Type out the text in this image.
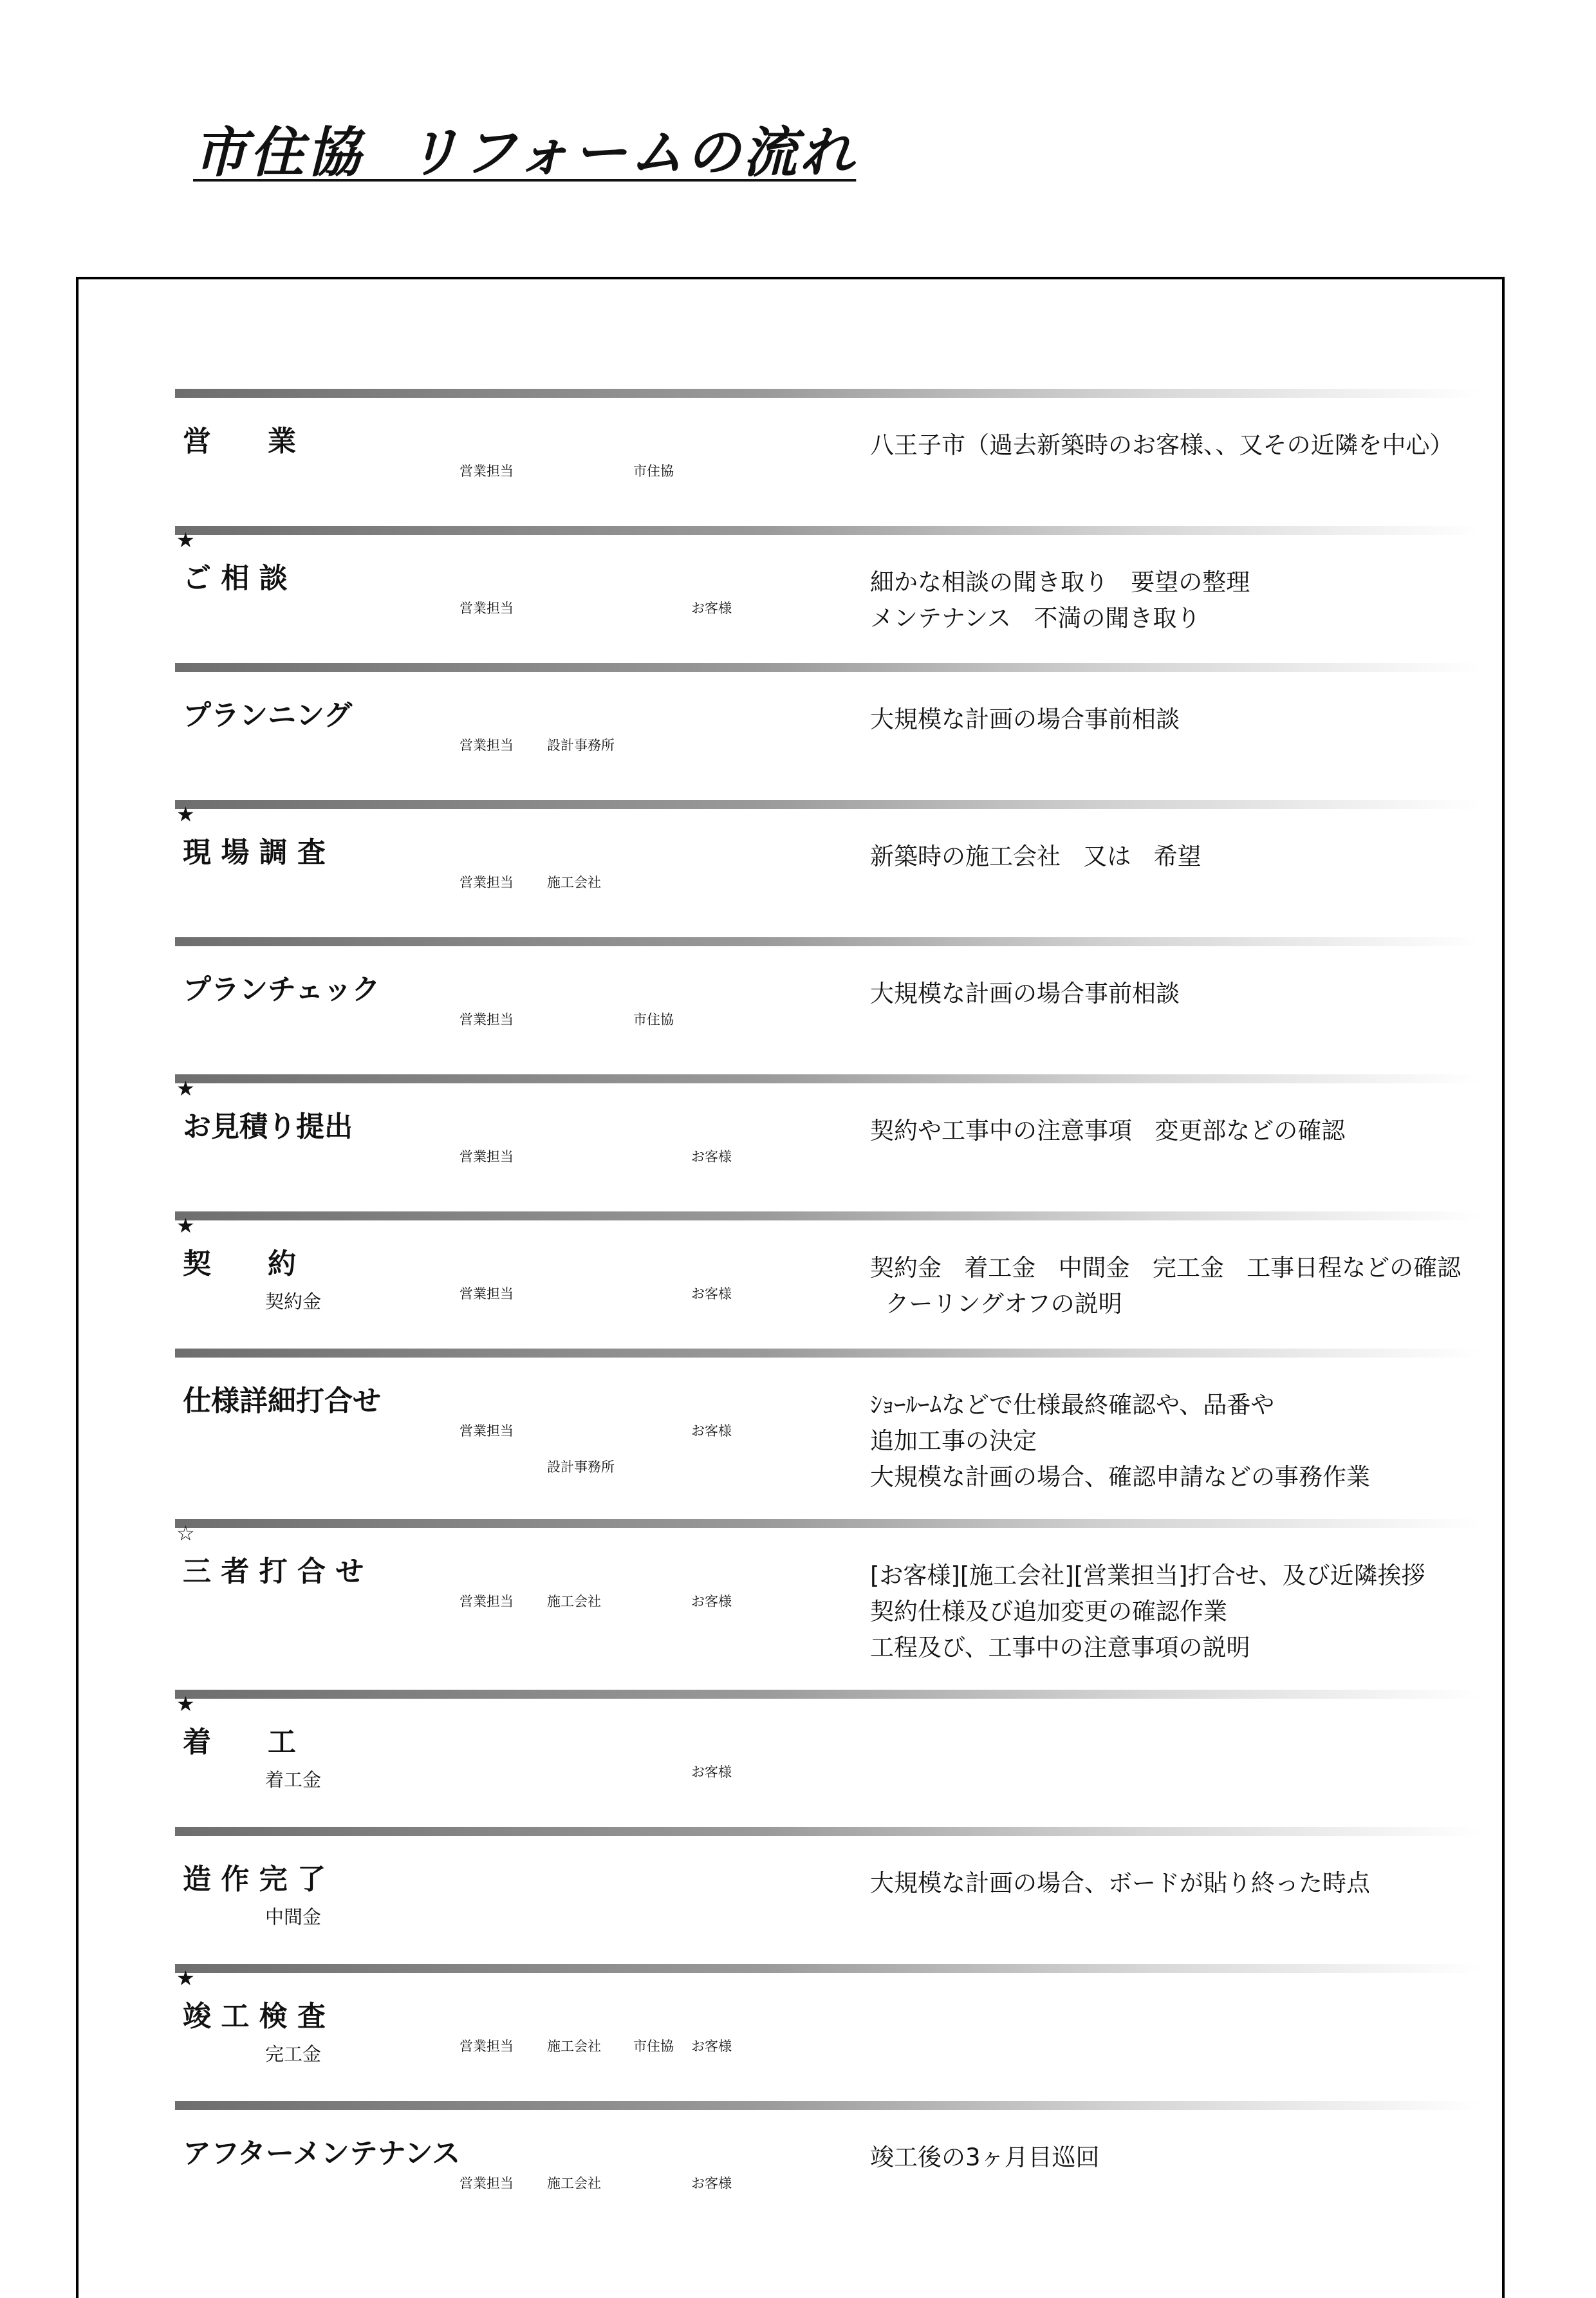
市住協  リフォームの流れ
営　　業
営業担当	市住協
八王子市（過去新築時のお客様、、又その近隣を中心）
★
ご 相 談
営業担当	お客様
細かな相談の聞き取り   要望の整理
メンテナンス   不満の聞き取り
プランニング
営業担当 設計事務所
大規模な計画の場合事前相談
★
現 場 調 査
営業担当 施工会社
新築時の施工会社   又は   希望
プランチェック
営業担当	市住協
大規模な計画の場合事前相談
★
お見積り提出
営業担当	お客様
契約や工事中の注意事項   変更部などの確認
★
契　　約
契約金	営業担当	お客様
契約金   着工金   中間金   完工金   工事日程などの確認
クーリングオフの説明
仕様詳細打合せ
営業担当	お客様
設計事務所
ｼｮｰﾙｰﾑなどで仕様最終確認や、品番や
追加工事の決定
大規模な計画の場合、確認申請などの事務作業
☆
三 者 打 合 せ
営業担当 施工会社	お客様
[お客様][施工会社][営業担当]打合せ、及び近隣挨拶
契約仕様及び追加変更の確認作業
工程及び、工事中の注意事項の説明
★
着　　工
着工金	お客様
造 作 完 了
中間金
大規模な計画の場合、ボードが貼り終った時点
★
竣 工 検 査
完工金	営業担当 施工会社 市住協 お客様
アフターメンテナンス
営業担当 施工会社	お客様
竣工後の3ヶ月目巡回
